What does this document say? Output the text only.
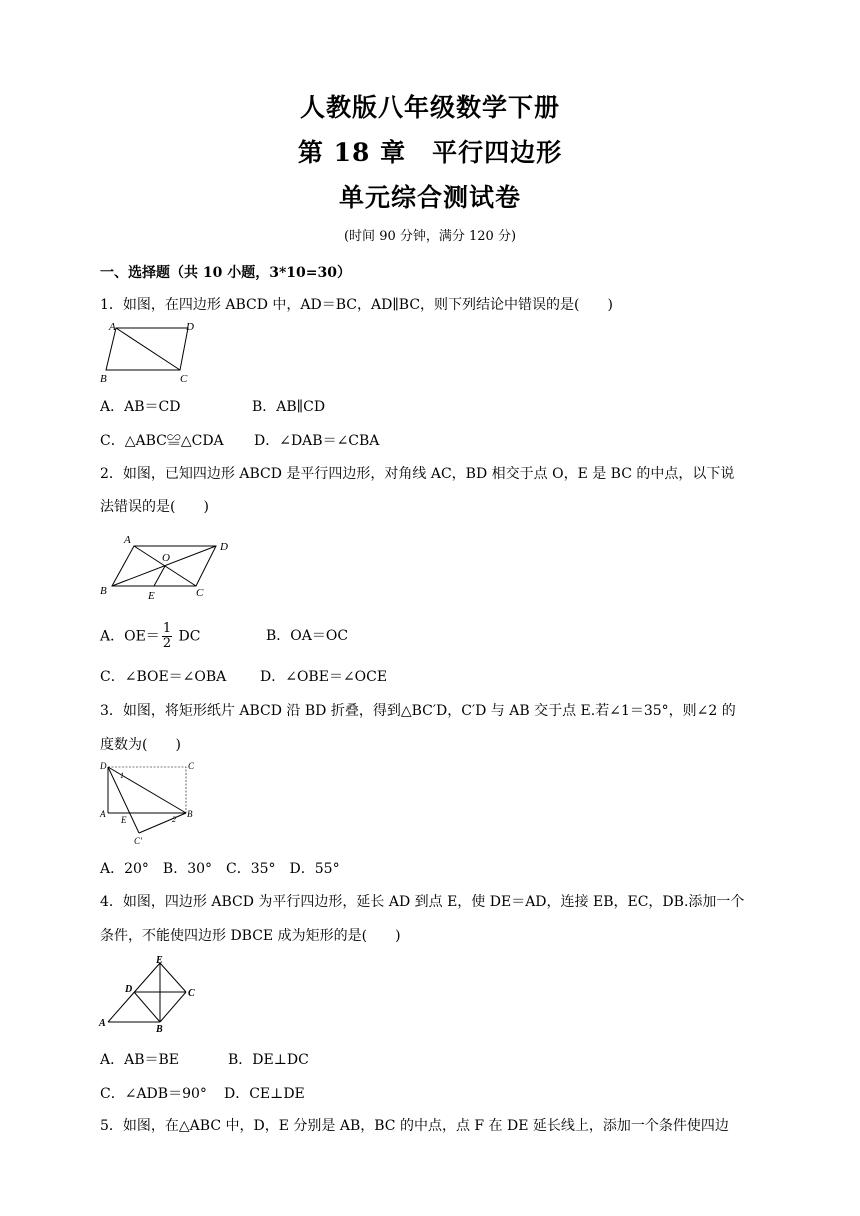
人教版八年级数学下册
第 18 章　平行四边形
单元综合测试卷
(时间 90 分钟，满分 120 分)
一、选择题（共 10 小题，3*10=30）
1．如图，在四边形 ABCD 中，AD＝BC，AD∥BC，则下列结论中错误的是(　　)
A	D
B	C
A．AB＝CD	B．AB∥CD
C．△ABC≌△CDA D．∠DAB＝∠CBA
2．如图，已知四边形 ABCD 是平行四边形，对角线 AC，BD 相交于点 O，E 是 BC 的中点，以下说
法错误的是(　　)
A
D
B	C
O
E
A．$OE= \frac{1}{2}$ DC	B．OA＝OC
C．∠BOE＝∠OBA D．∠OBE＝∠OCE
3．如图，将矩形纸片 ABCD 沿 BD 折叠，得到△BC′D，C′D 与 AB 交于点 E.若∠1＝35°，则∠2 的
度数为(　　)
D	C
A	B
E
C′
1
2
A．20°　B．30°　C．35°　D．55°
4．如图，四边形 ABCD 为平行四边形，延长 AD 到点 E，使 DE＝AD，连接 EB，EC，DB.添加一个
条件，不能使四边形 DBCE 成为矩形的是(　　)
E
D	C
A
B
A．AB＝BE	B．DE⊥DC
C．∠ADB＝90° D．CE⊥DE
5．如图，在△ABC 中，D，E 分别是 AB，BC 的中点，点 F 在 DE 延长线上，添加一个条件使四边
